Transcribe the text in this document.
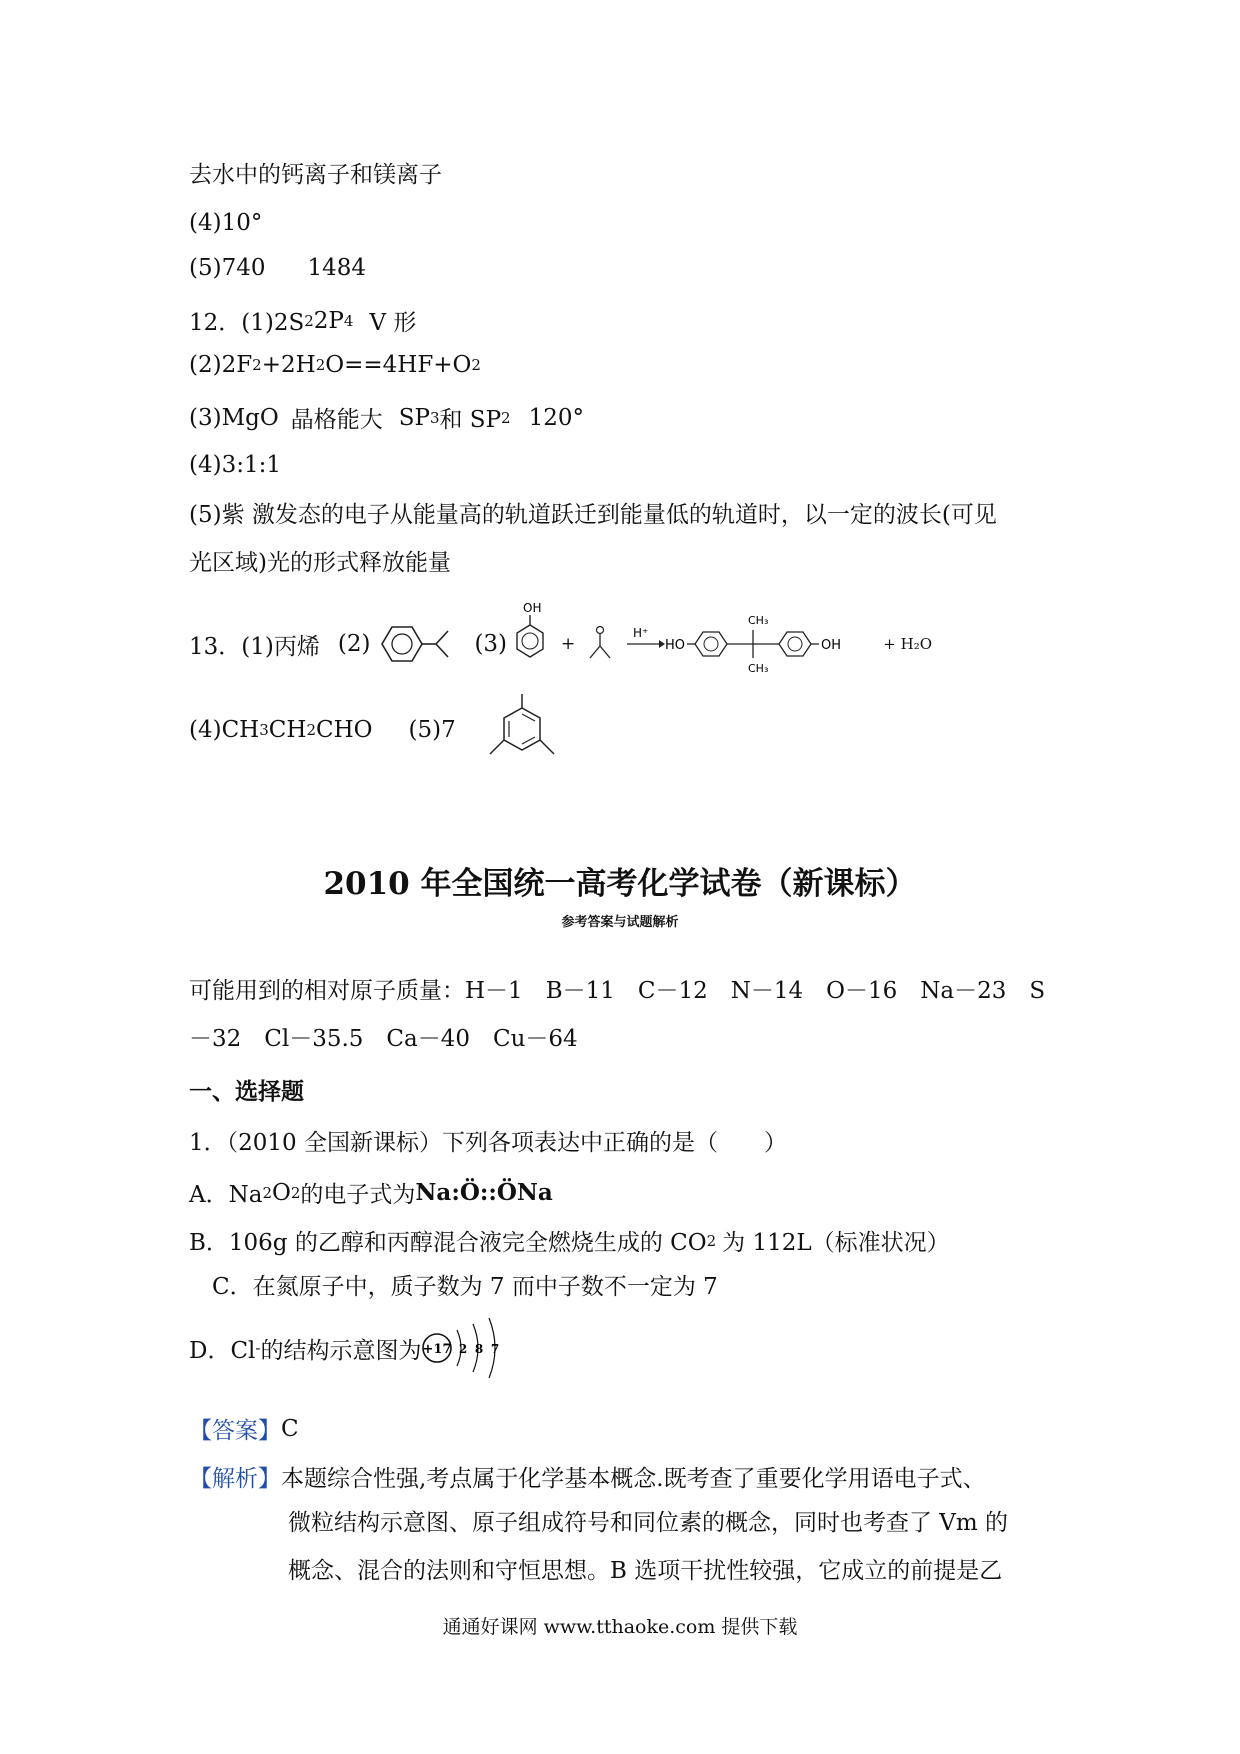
去水中的钙离子和镁离子
(4)10°
(5)740 1484
12．(1)2S 2 2P 4 V 形
(2)2F 2 +2H 2 O==4HF+O 2
(3)MgO 晶格能大 SP 3 和 SP 2 120°
(4)3:1:1
(5)紫 激发态的电子从能量高的轨道跃迁到能量低的轨道时，以一定的波长(可见
光区域)光的形式释放能量
13．(1)丙烯 (2)	(3)
OH
+
H⁺
HO
CH₃
CH₃
OH	+ H₂O
(4)CH 3 CH 2 CHO (5)7
2010 年全国统一高考化学试卷（新课标）
参考答案与试题解析
可能用到的相对原子质量：H－1　B－11　C－12　N－14　O－16　Na－23　S
－32　Cl－35.5　Ca－40　Cu－64
一、选择题
1．（2010 全国新课标）下列各项表达中正确的是（　　）
A．Na 2 O 2 的电子式为 Na:Ö::ÖNa
B．106g 的乙醇和丙醇混合液完全燃烧生成的 CO 2 为 112L（标准状况）
C．在氮原子中，质子数为 7 而中子数不一定为 7
D．Cl - 的结构示意图为 +17 2 8 7
【答案】 C
【解析】 本题综合性强,考点属于化学基本概念.既考查了重要化学用语电子式、
微粒结构示意图、原子组成符号和同位素的概念，同时也考查了 Vm 的
概念、混合的法则和守恒思想。B 选项干扰性较强，它成立的前提是乙
通通好课网 www.tthaoke.com 提供下载
